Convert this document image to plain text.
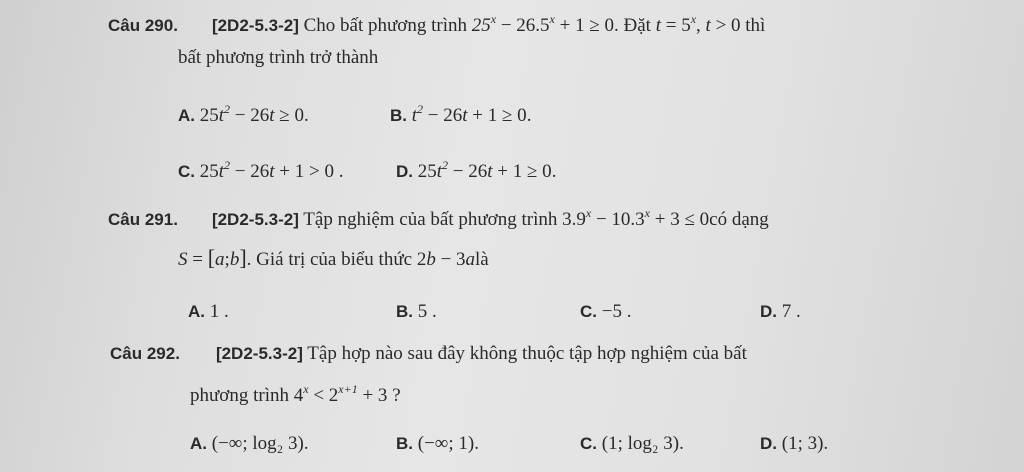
Câu 290. [2D2-5.3-2] Cho bất phương trình $25^x - 26.5^x + 1 \ge 0$. Đặt $t = 5^x$, t > 0 thì
bất phương trình trở thành
A. $25t^2 - 26t \ge 0$.	B. $t^2 - 26t + 1 \ge 0$.
C. $25t^2 - 26t + 1 > 0$ .	D. $25t^2 - 26t + 1 \ge 0$.
Câu 291. [2D2-5.3-2] Tập nghiệm của bất phương trình $3.9^x - 10.3^x + 3$ ≤ 0có dạng
S = [a;b]. Giá trị của biểu thức 2b − 3alà
A. 1 .	B. 5 .	C. −5 .	D. 7 .
Câu 292. [2D2-5.3-2] Tập hợp nào sau đây không thuộc tập hợp nghiệm của bất
phương trình $4^x < 2^{x+1} + 3$ ?
A. (−∞; log₂ 3).	B. (−∞; 1).	C. (1; log₂ 3).	D. (1; 3).
